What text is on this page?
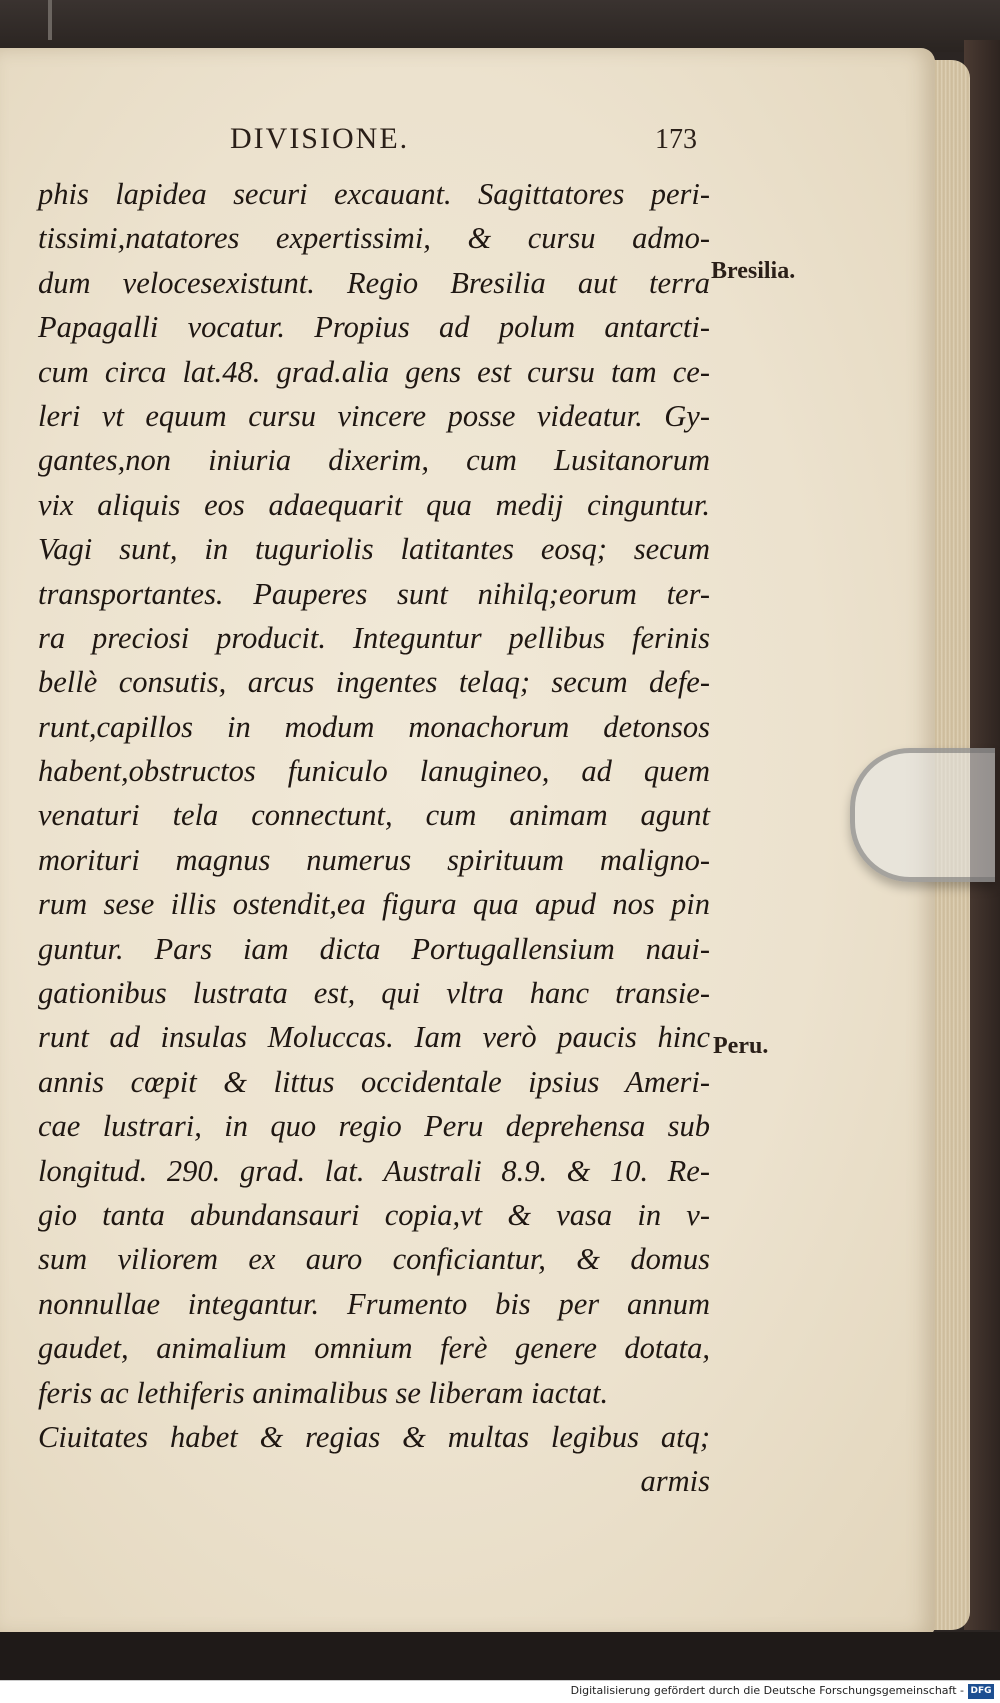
DIVISIONE.	173
phis lapidea securi excauant. Sagittatores peri-
tissimi,natatores expertissimi, & cursu admo-
dum velocesexistunt. Regio Bresilia aut terra
Papagalli vocatur. Propius ad polum antarcti-
cum circa lat.48. grad.alia gens est cursu tam ce-
leri vt equum cursu vincere posse videatur. Gy-
gantes,non iniuria dixerim, cum Lusitanorum
vix aliquis eos adaequarit qua medij cinguntur.
Vagi sunt, in tuguriolis latitantes eosq; secum
transportantes. Pauperes sunt nihilq;eorum ter-
ra preciosi producit. Integuntur pellibus ferinis
bellè consutis, arcus ingentes telaq; secum defe-
runt,capillos in modum monachorum detonsos
habent,obstructos funiculo lanugineo, ad quem
venaturi tela connectunt, cum animam agunt
morituri magnus numerus spirituum maligno-
rum sese illis ostendit,ea figura qua apud nos pin
guntur. Pars iam dicta Portugallensium naui-
gationibus lustrata est, qui vltra hanc transie-
runt ad insulas Moluccas. Iam verò paucis hinc
annis cœpit & littus occidentale ipsius Ameri-
cae lustrari, in quo regio Peru deprehensa sub
longitud. 290. grad. lat. Australi 8.9. & 10. Re-
gio tanta abundansauri copia,vt & vasa in v-
sum viliorem ex auro conficiantur, & domus
nonnullae integantur. Frumento bis per annum
gaudet, animalium omnium ferè genere dotata,
feris ac lethiferis animalibus se liberam iactat.
Ciuitates habet & regias & multas legibus atq;
armis
Bresilia.
Peru.
Digitalisierung gefördert durch die Deutsche Forschungsgemeinschaft - DFG
